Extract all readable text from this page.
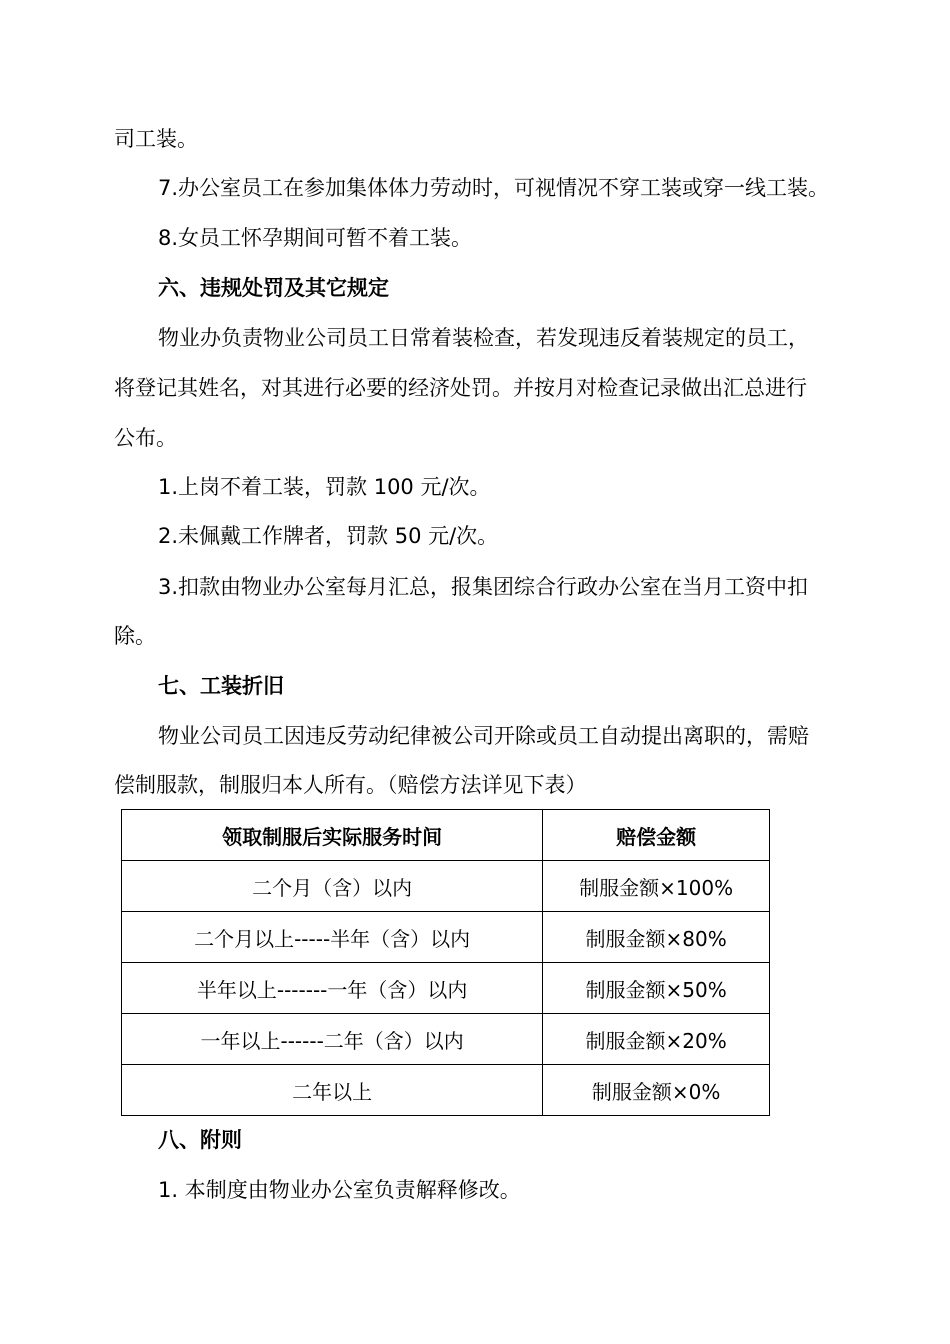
司工装。

7.办公室员工在参加集体体力劳动时，可视情况不穿工装或穿一线工装。

8.女员工怀孕期间可暂不着工装。

六、违规处罚及其它规定

物业办负责物业公司员工日常着装检查，若发现违反着装规定的员工，

将登记其姓名，对其进行必要的经济处罚。并按月对检查记录做出汇总进行

公布。

1.上岗不着工装，罚款 100 元/次。

2.未佩戴工作牌者，罚款 50 元/次。

3.扣款由物业办公室每月汇总，报集团综合行政办公室在当月工资中扣

除。

七、工装折旧

物业公司员工因违反劳动纪律被公司开除或员工自动提出离职的，需赔

偿制服款，制服归本人所有。（赔偿方法详见下表）

领取制服后实际服务时间	赔偿金额
二个月（含）以内	制服金额×100%
二个月以上-----半年（含）以内	制服金额×80%
半年以上-------一年（含）以内	制服金额×50%
一年以上------二年（含）以内	制服金额×20%
二年以上	制服金额×0%

八、附则

1. 本制度由物业办公室负责解释修改。
